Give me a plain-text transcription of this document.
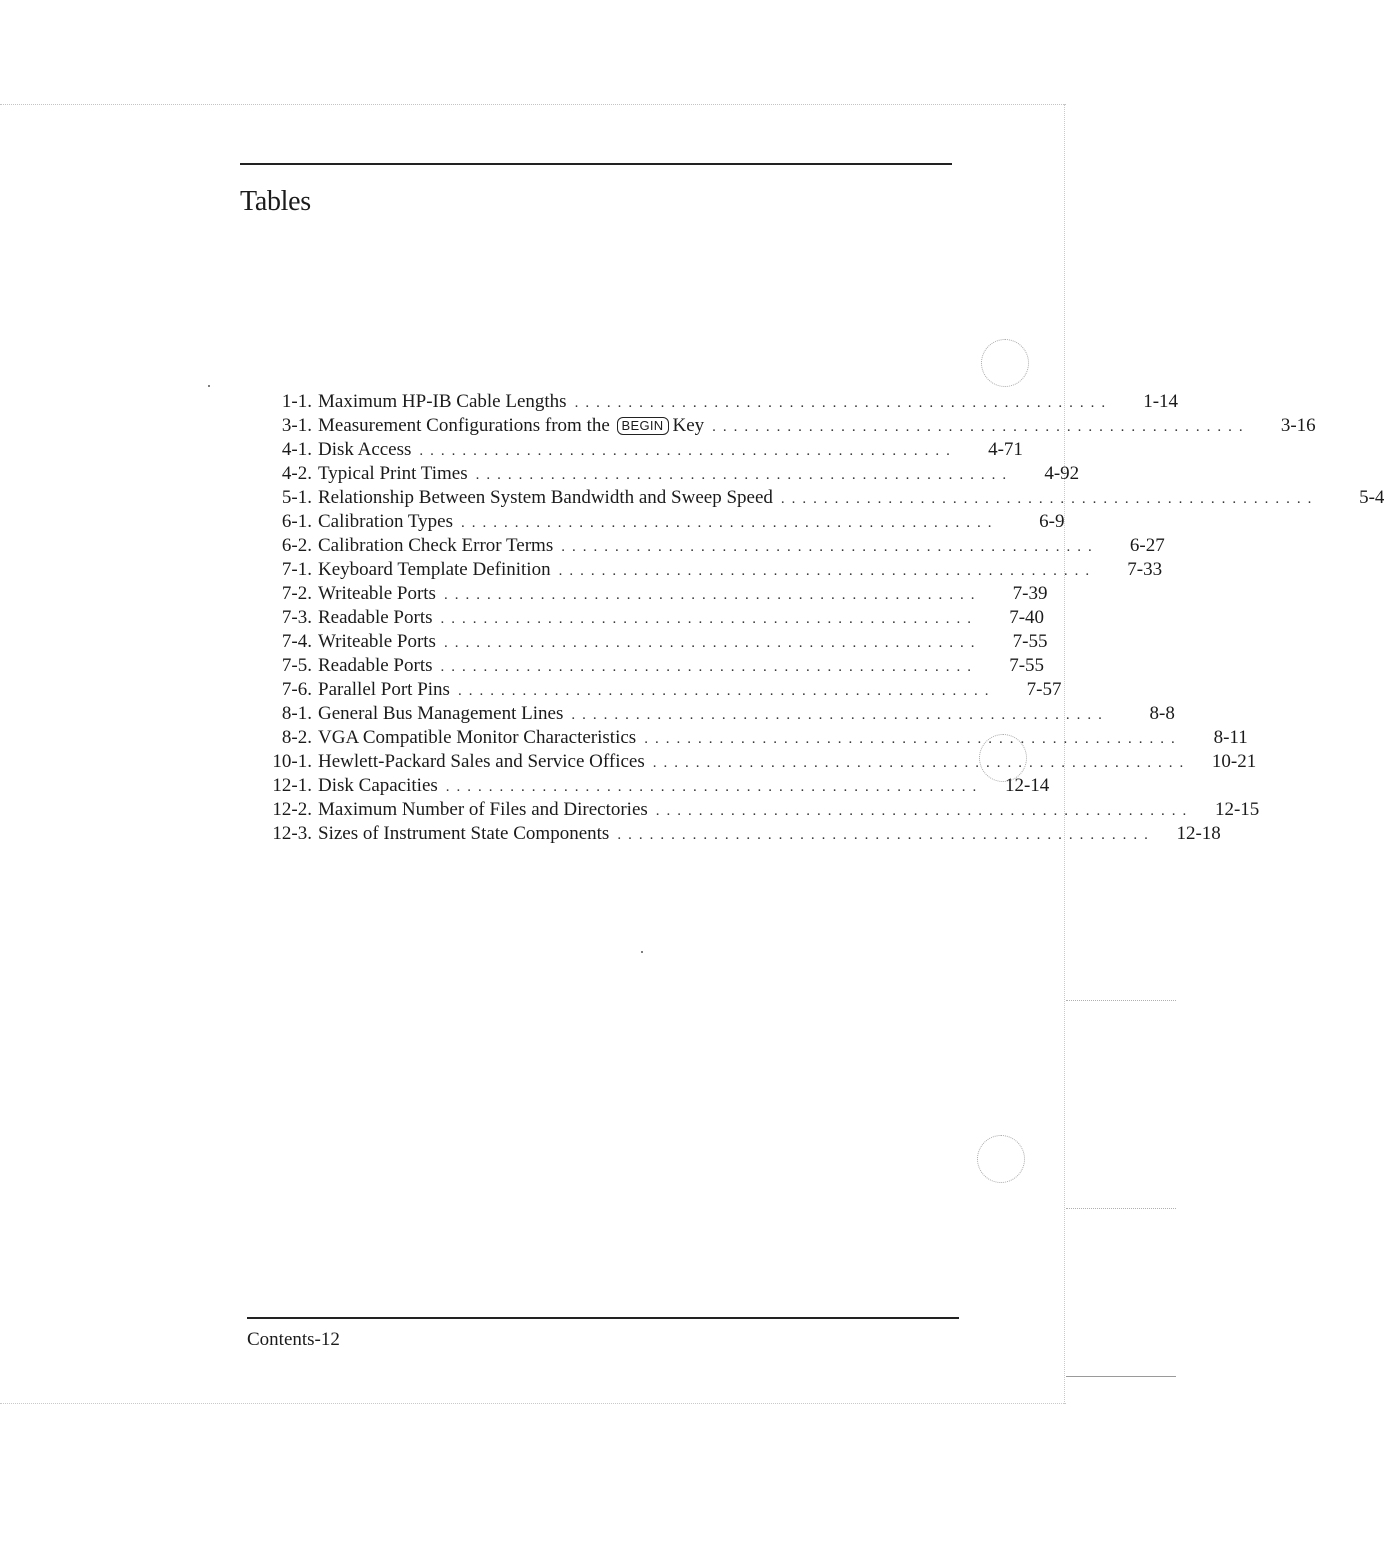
Tables
1-1. Maximum HP-IB Cable Lengths ..................................................	1-14
3-1. Measurement Configurations from the BEGIN Key ..................................................	3-16
4-1. Disk Access ..................................................	4-71
4-2. Typical Print Times ..................................................	4-92
5-1. Relationship Between System Bandwidth and Sweep Speed ..................................................	5-4
6-1. Calibration Types ..................................................	6-9
6-2. Calibration Check Error Terms ..................................................	6-27
7-1. Keyboard Template Definition ..................................................	7-33
7-2. Writeable Ports ..................................................	7-39
7-3. Readable Ports ..................................................	7-40
7-4. Writeable Ports ..................................................	7-55
7-5. Readable Ports ..................................................	7-55
7-6. Parallel Port Pins ..................................................	7-57
8-1. General Bus Management Lines ..................................................	8-8
8-2. VGA Compatible Monitor Characteristics ..................................................	8-11
10-1. Hewlett-Packard Sales and Service Offices ..................................................	10-21
12-1. Disk Capacities ..................................................	12-14
12-2. Maximum Number of Files and Directories ..................................................	12-15
12-3. Sizes of Instrument State Components ..................................................	12-18

Contents-12
